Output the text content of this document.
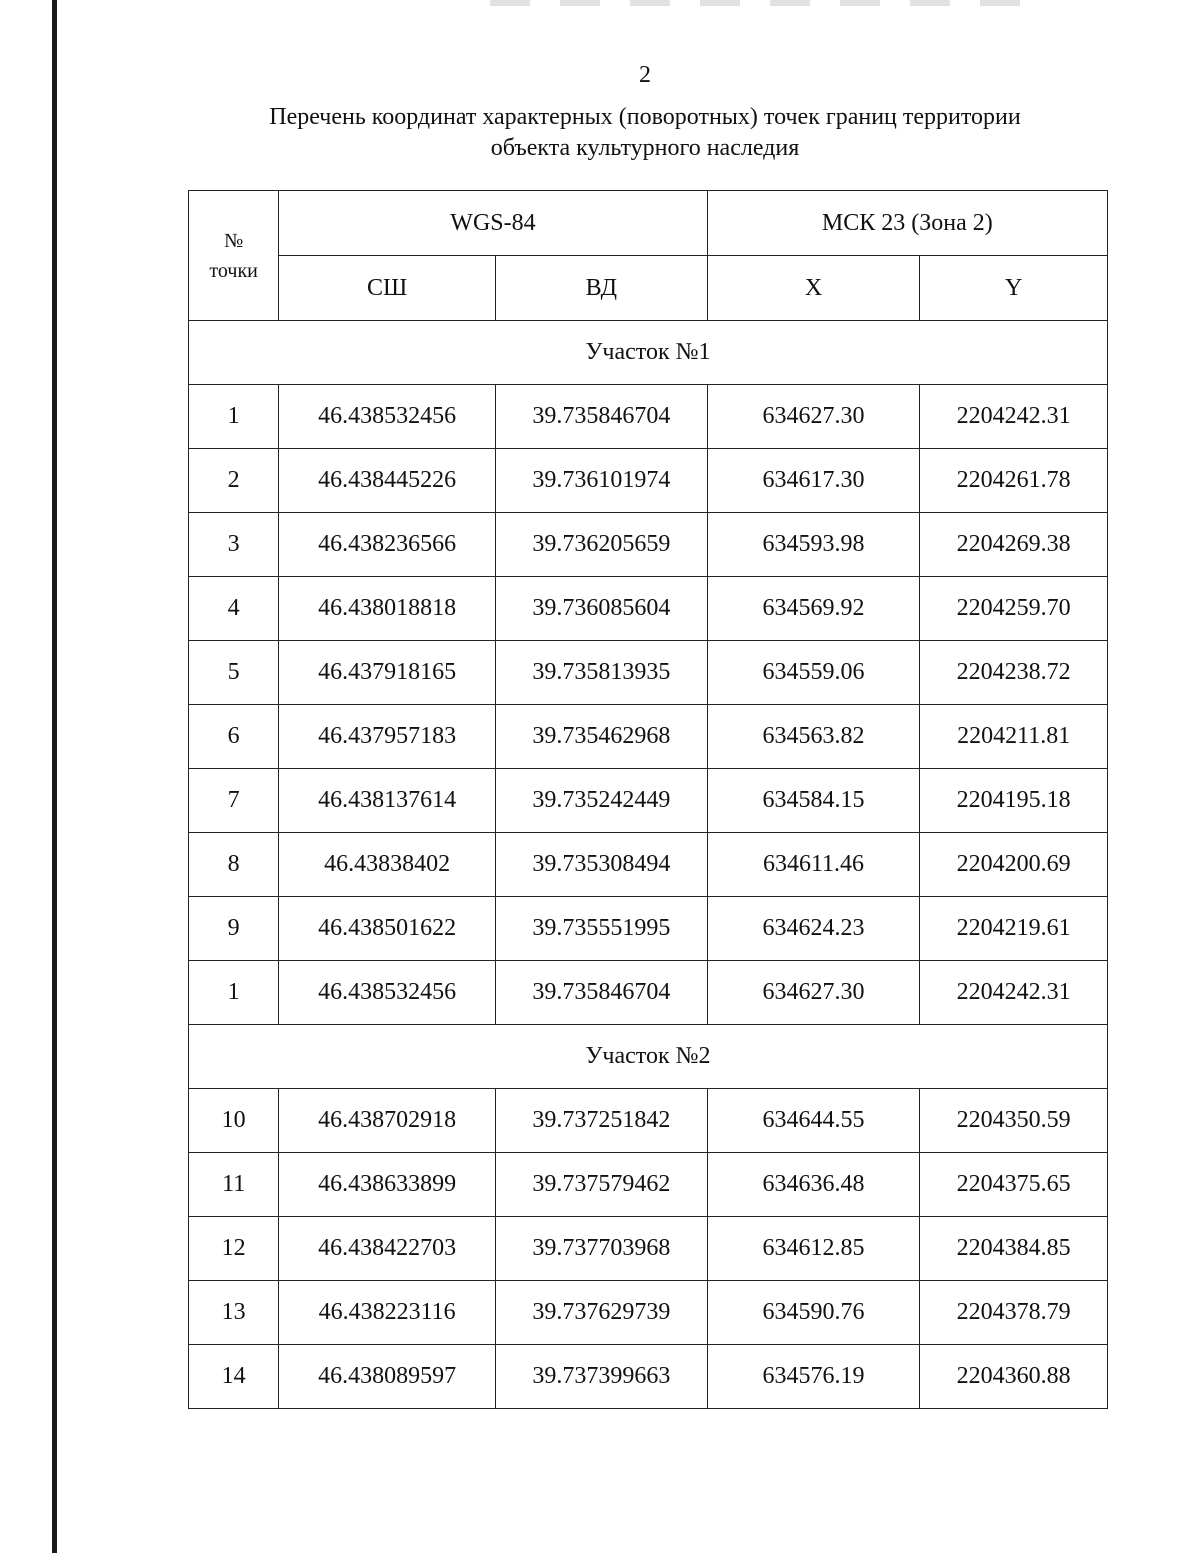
2
Перечень координат характерных (поворотных) точек границ территории
объекта культурного наследия
№
точки	WGS-84		МСК 23 (Зона 2)	
	СШ	ВД	X	Y
Участок №1				
1	46.438532456	39.735846704	634627.30	2204242.31
2	46.438445226	39.736101974	634617.30	2204261.78
3	46.438236566	39.736205659	634593.98	2204269.38
4	46.438018818	39.736085604	634569.92	2204259.70
5	46.437918165	39.735813935	634559.06	2204238.72
6	46.437957183	39.735462968	634563.82	2204211.81
7	46.438137614	39.735242449	634584.15	2204195.18
8	46.43838402	39.735308494	634611.46	2204200.69
9	46.438501622	39.735551995	634624.23	2204219.61
1	46.438532456	39.735846704	634627.30	2204242.31
Участок №2				
10	46.438702918	39.737251842	634644.55	2204350.59
11	46.438633899	39.737579462	634636.48	2204375.65
12	46.438422703	39.737703968	634612.85	2204384.85
13	46.438223116	39.737629739	634590.76	2204378.79
14	46.438089597	39.737399663	634576.19	2204360.88
